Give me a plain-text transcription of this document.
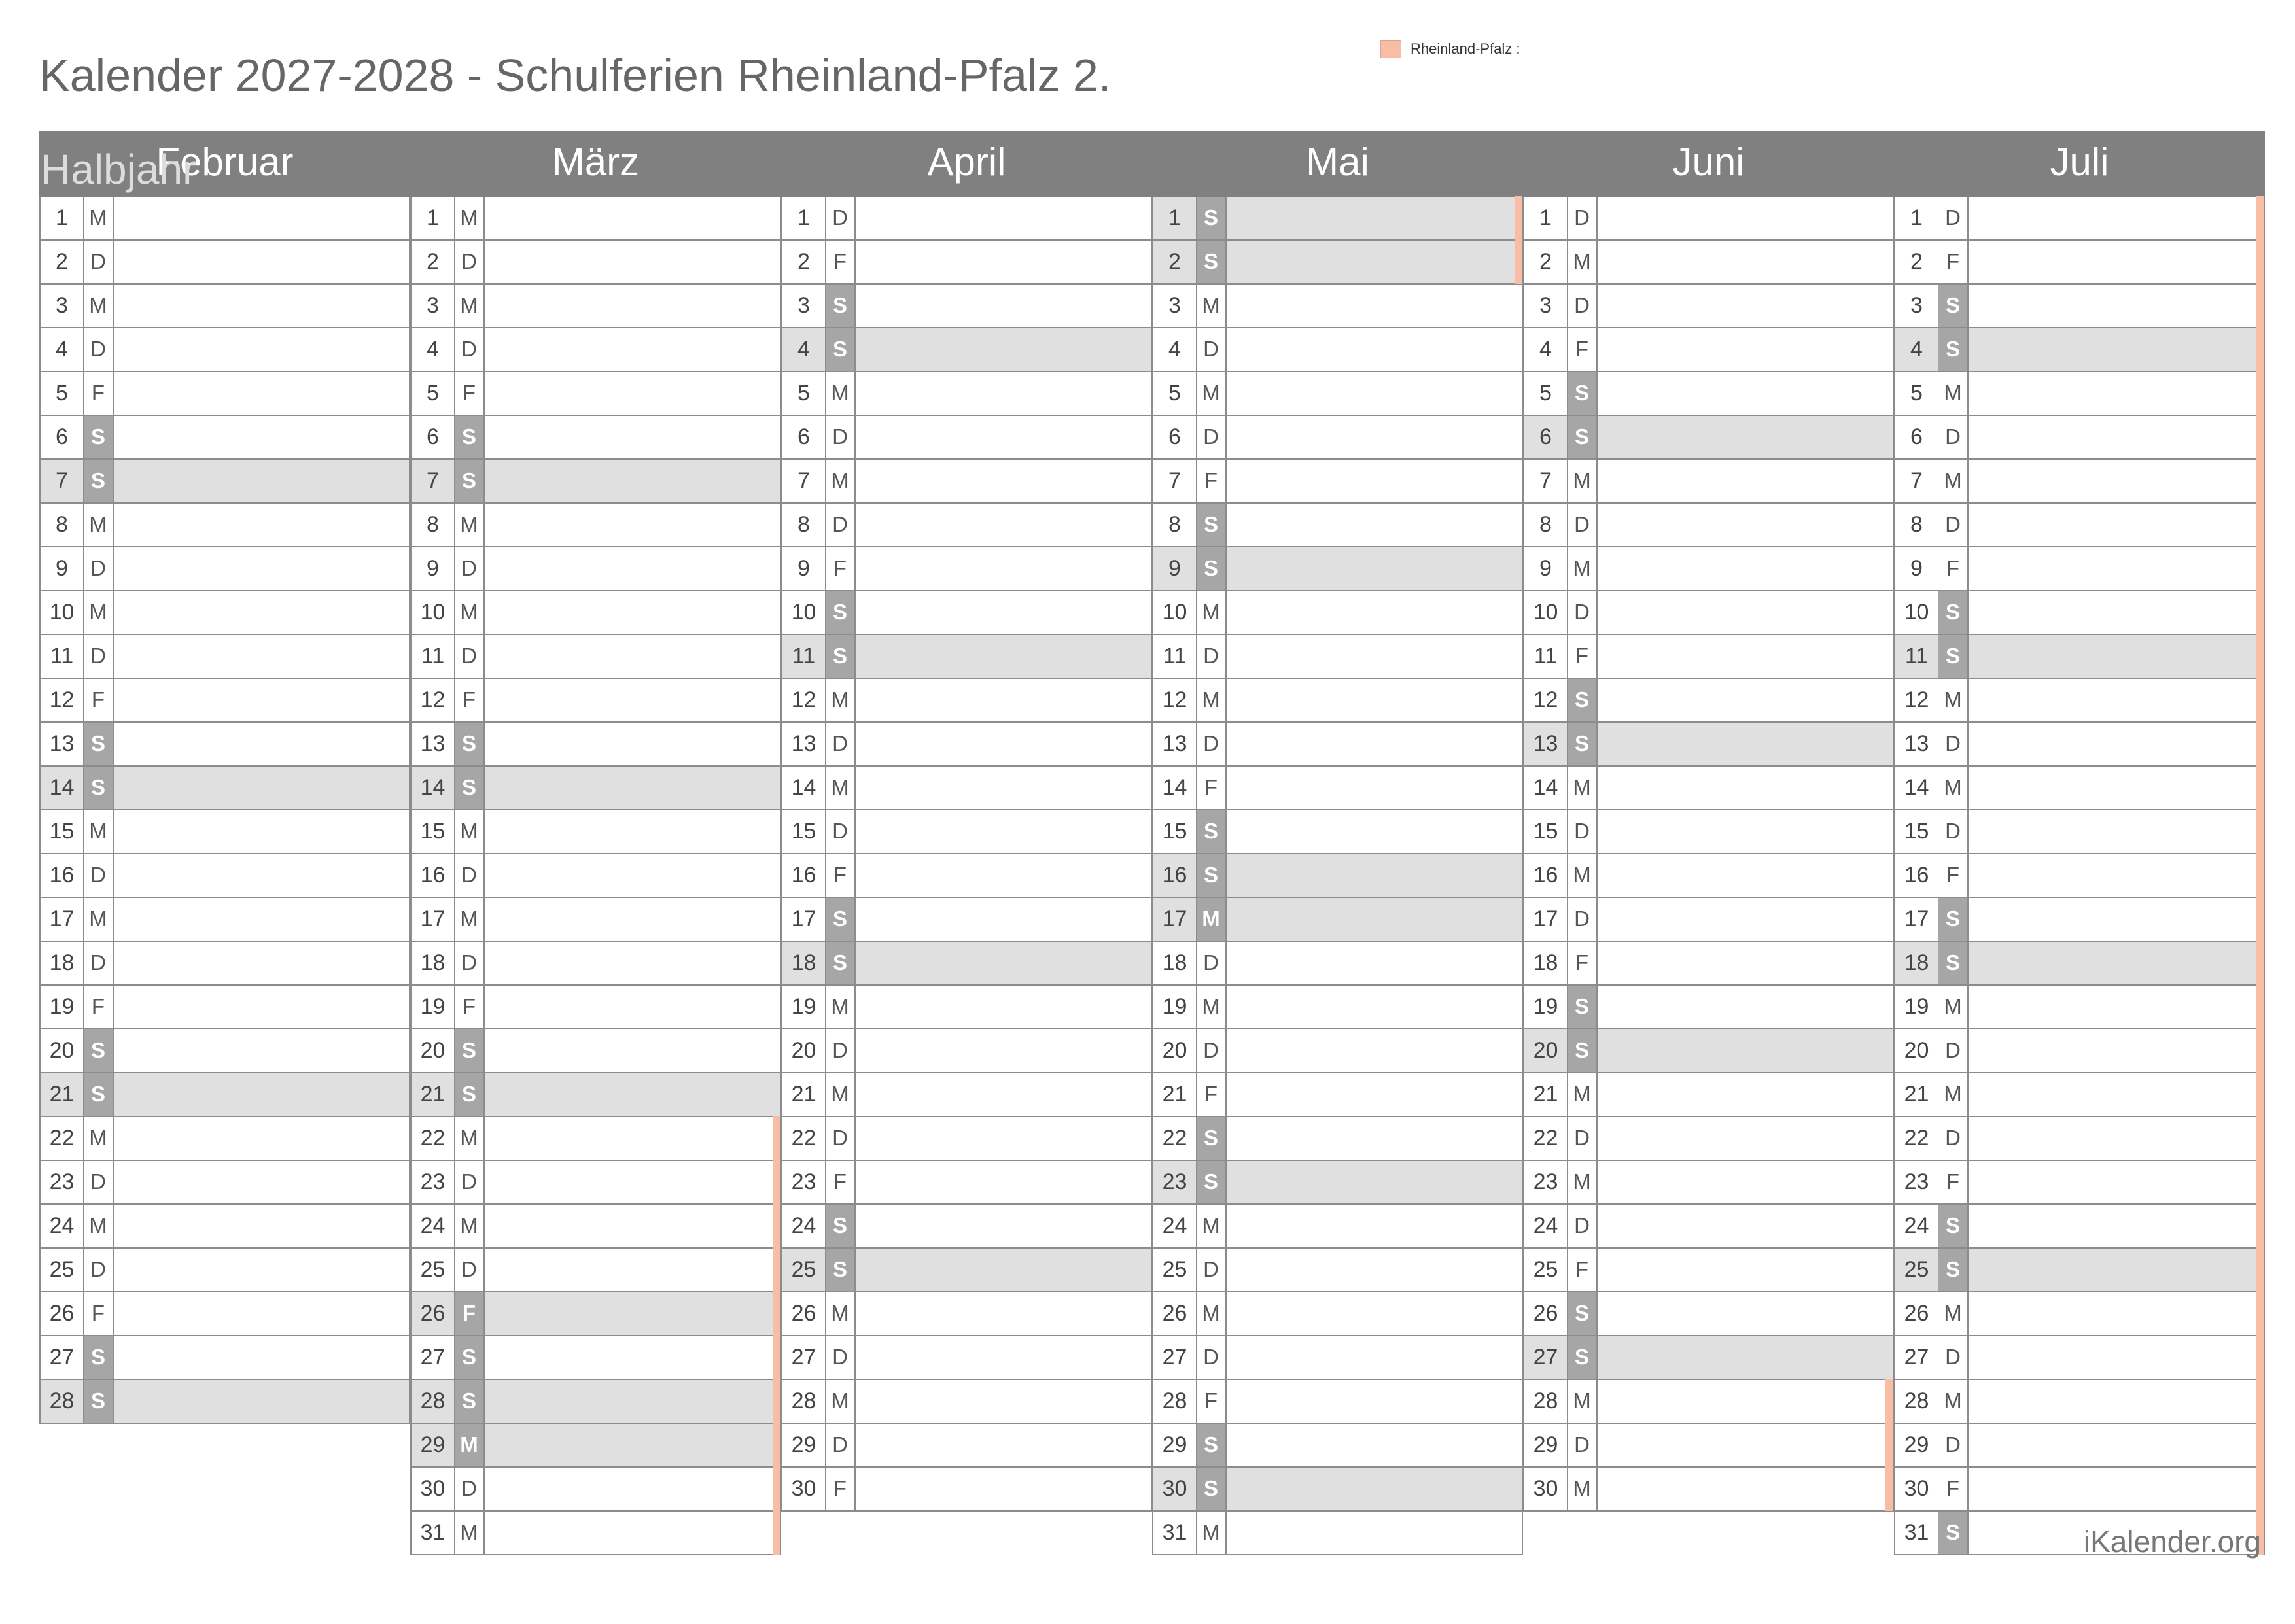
Kalender 2027-2028 - Schulferien Rheinland-Pfalz 2.
Halbjahr
Rheinland-Pfalz :
Februar
1 M
2	D
3 M
4	D
5	F
6	S
7	S
8 M
9	D
10 M
11 D
12 F
13 S
14 S
15 M
16 D
17 M
18 D
19 F
20 S
21 S
22 M
23 D
24 M
25 D
26 F
27 S
28 S
März
1 M
2	D
3 M
4	D
5	F
6	S
7	S
8 M
9	D
10 M
11 D
12 F
13 S
14 S
15 M
16 D
17 M
18 D
19 F
20 S
21 S
22 M
23 D
24 M
25 D
26 F
27 S
28 S
29 M
30 D
31 M
April
1	D
2	F
3	S
4	S
5 M
6	D
7 M
8	D
9	F
10 S
11 S
12 M
13 D
14 M
15 D
16 F
17 S
18 S
19 M
20 D
21 M
22 D
23 F
24 S
25 S
26 M
27 D
28 M
29 D
30 F
Mai
1	S
2	S
3 M
4	D
5 M
6	D
7	F
8	S
9	S
10 M
11 D
12 M
13 D
14 F
15 S
16 S
17 M
18 D
19 M
20 D
21 F
22 S
23 S
24 M
25 D
26 M
27 D
28 F
29 S
30 S
31 M
Juni
1	D
2 M
3	D
4	F
5	S
6	S
7 M
8	D
9 M
10 D
11 F
12 S
13 S
14 M
15 D
16 M
17 D
18 F
19 S
20 S
21 M
22 D
23 M
24 D
25 F
26 S
27 S
28 M
29 D
30 M
Juli
1	D
2	F
3	S
4	S
5 M
6	D
7 M
8	D
9	F
10 S
11 S
12 M
13 D
14 M
15 D
16 F
17 S
18 S
19 M
20 D
21 M
22 D
23 F
24 S
25 S
26 M
27 D
28 M
29 D
30 F
31 S	iKalender.org
